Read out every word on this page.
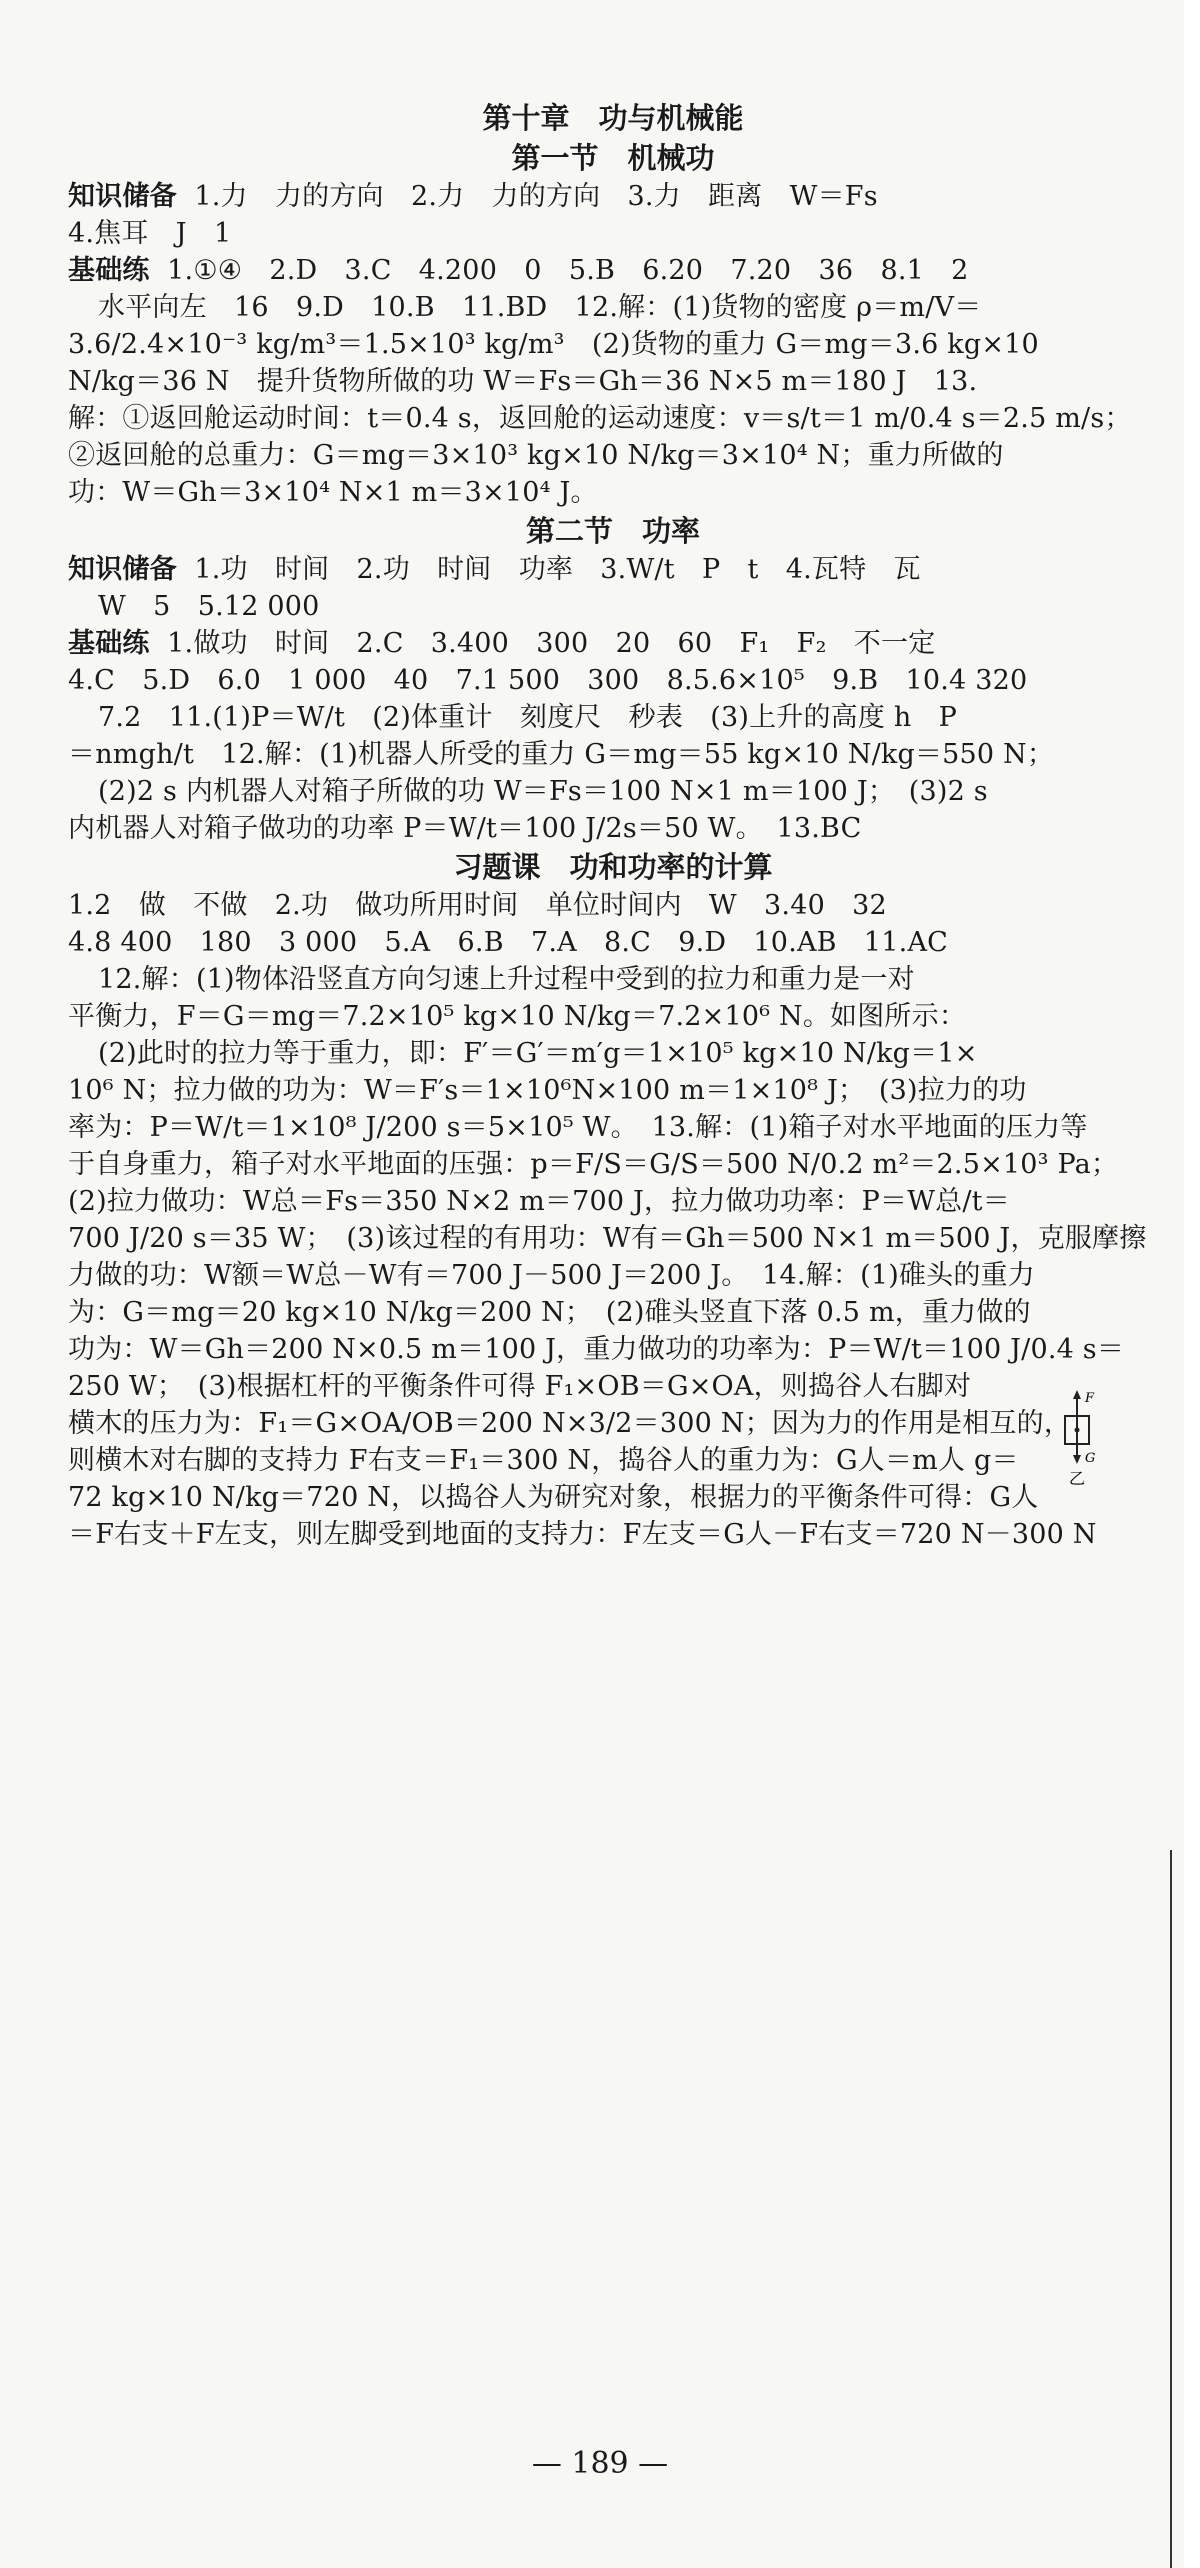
第十章　功与机械能
第一节　机械功
知识储备  1.力　力的方向　2.力　力的方向　3.力　距离　W＝Fs
4.焦耳　J　1
基础练  1.①④　2.D　3.C　4.200　0　5.B　6.20　7.20　36　8.1　2
水平向左　16　9.D　10.B　11.BD　12.解：(1)货物的密度 ρ＝m/V＝
3.6/2.4×10⁻³ kg/m³＝1.5×10³ kg/m³　(2)货物的重力 G＝mg＝3.6 kg×10
N/kg＝36 N　提升货物所做的功 W＝Fs＝Gh＝36 N×5 m＝180 J　13.
解：①返回舱运动时间：t＝0.4 s，返回舱的运动速度：v＝s/t＝1 m/0.4 s＝2.5 m/s；
②返回舱的总重力：G＝mg＝3×10³ kg×10 N/kg＝3×10⁴ N；重力所做的
功：W＝Gh＝3×10⁴ N×1 m＝3×10⁴ J。
第二节　功率
知识储备  1.功　时间　2.功　时间　功率　3.W/t　P　t　4.瓦特　瓦
W　5　5.12 000
基础练  1.做功　时间　2.C　3.400　300　20　60　F₁　F₂　不一定
4.C　5.D　6.0　1 000　40　7.1 500　300　8.5.6×10⁵　9.B　10.4 320
7.2　11.(1)P＝W/t　(2)体重计　刻度尺　秒表　(3)上升的高度 h　P
＝nmgh/t　12.解：(1)机器人所受的重力 G＝mg＝55 kg×10 N/kg＝550 N；
(2)2 s 内机器人对箱子所做的功 W＝Fs＝100 N×1 m＝100 J；　(3)2 s
内机器人对箱子做功的功率 P＝W/t＝100 J/2s＝50 W。　13.BC
习题课　功和功率的计算
1.2　做　不做　2.功　做功所用时间　单位时间内　W　3.40　32
4.8 400　180　3 000　5.A　6.B　7.A　8.C　9.D　10.AB　11.AC
12.解：(1)物体沿竖直方向匀速上升过程中受到的拉力和重力是一对
平衡力，F＝G＝mg＝7.2×10⁵ kg×10 N/kg＝7.2×10⁶ N。如图所示：
(2)此时的拉力等于重力，即：F′＝G′＝m′g＝1×10⁵ kg×10 N/kg＝1×
10⁶ N；拉力做的功为：W＝F′s＝1×10⁶N×100 m＝1×10⁸ J；　(3)拉力的功
率为：P＝W/t＝1×10⁸ J/200 s＝5×10⁵ W。　13.解：(1)箱子对水平地面的压力等
于自身重力，箱子对水平地面的压强：p＝F/S＝G/S＝500 N/0.2 m²＝2.5×10³ Pa；
(2)拉力做功：W总＝Fs＝350 N×2 m＝700 J，拉力做功功率：P＝W总/t＝
700 J/20 s＝35 W；　(3)该过程的有用功：W有＝Gh＝500 N×1 m＝500 J，克服摩擦
力做的功：W额＝W总－W有＝700 J－500 J＝200 J。　14.解：(1)碓头的重力
为：G＝mg＝20 kg×10 N/kg＝200 N；　(2)碓头竖直下落 0.5 m，重力做的
功为：W＝Gh＝200 N×0.5 m＝100 J，重力做功的功率为：P＝W/t＝100 J/0.4 s＝
250 W；　(3)根据杠杆的平衡条件可得 F₁×OB＝G×OA，则捣谷人右脚对
横木的压力为：F₁＝G×OA/OB＝200 N×3/2＝300 N；因为力的作用是相互的，
则横木对右脚的支持力 F右支＝F₁＝300 N，捣谷人的重力为：G人＝m人 g＝
72 kg×10 N/kg＝720 N，以捣谷人为研究对象，根据力的平衡条件可得：G人
＝F右支＋F左支，则左脚受到地面的支持力：F左支＝G人－F右支＝720 N－300 N
F
G
乙
— 189 —
